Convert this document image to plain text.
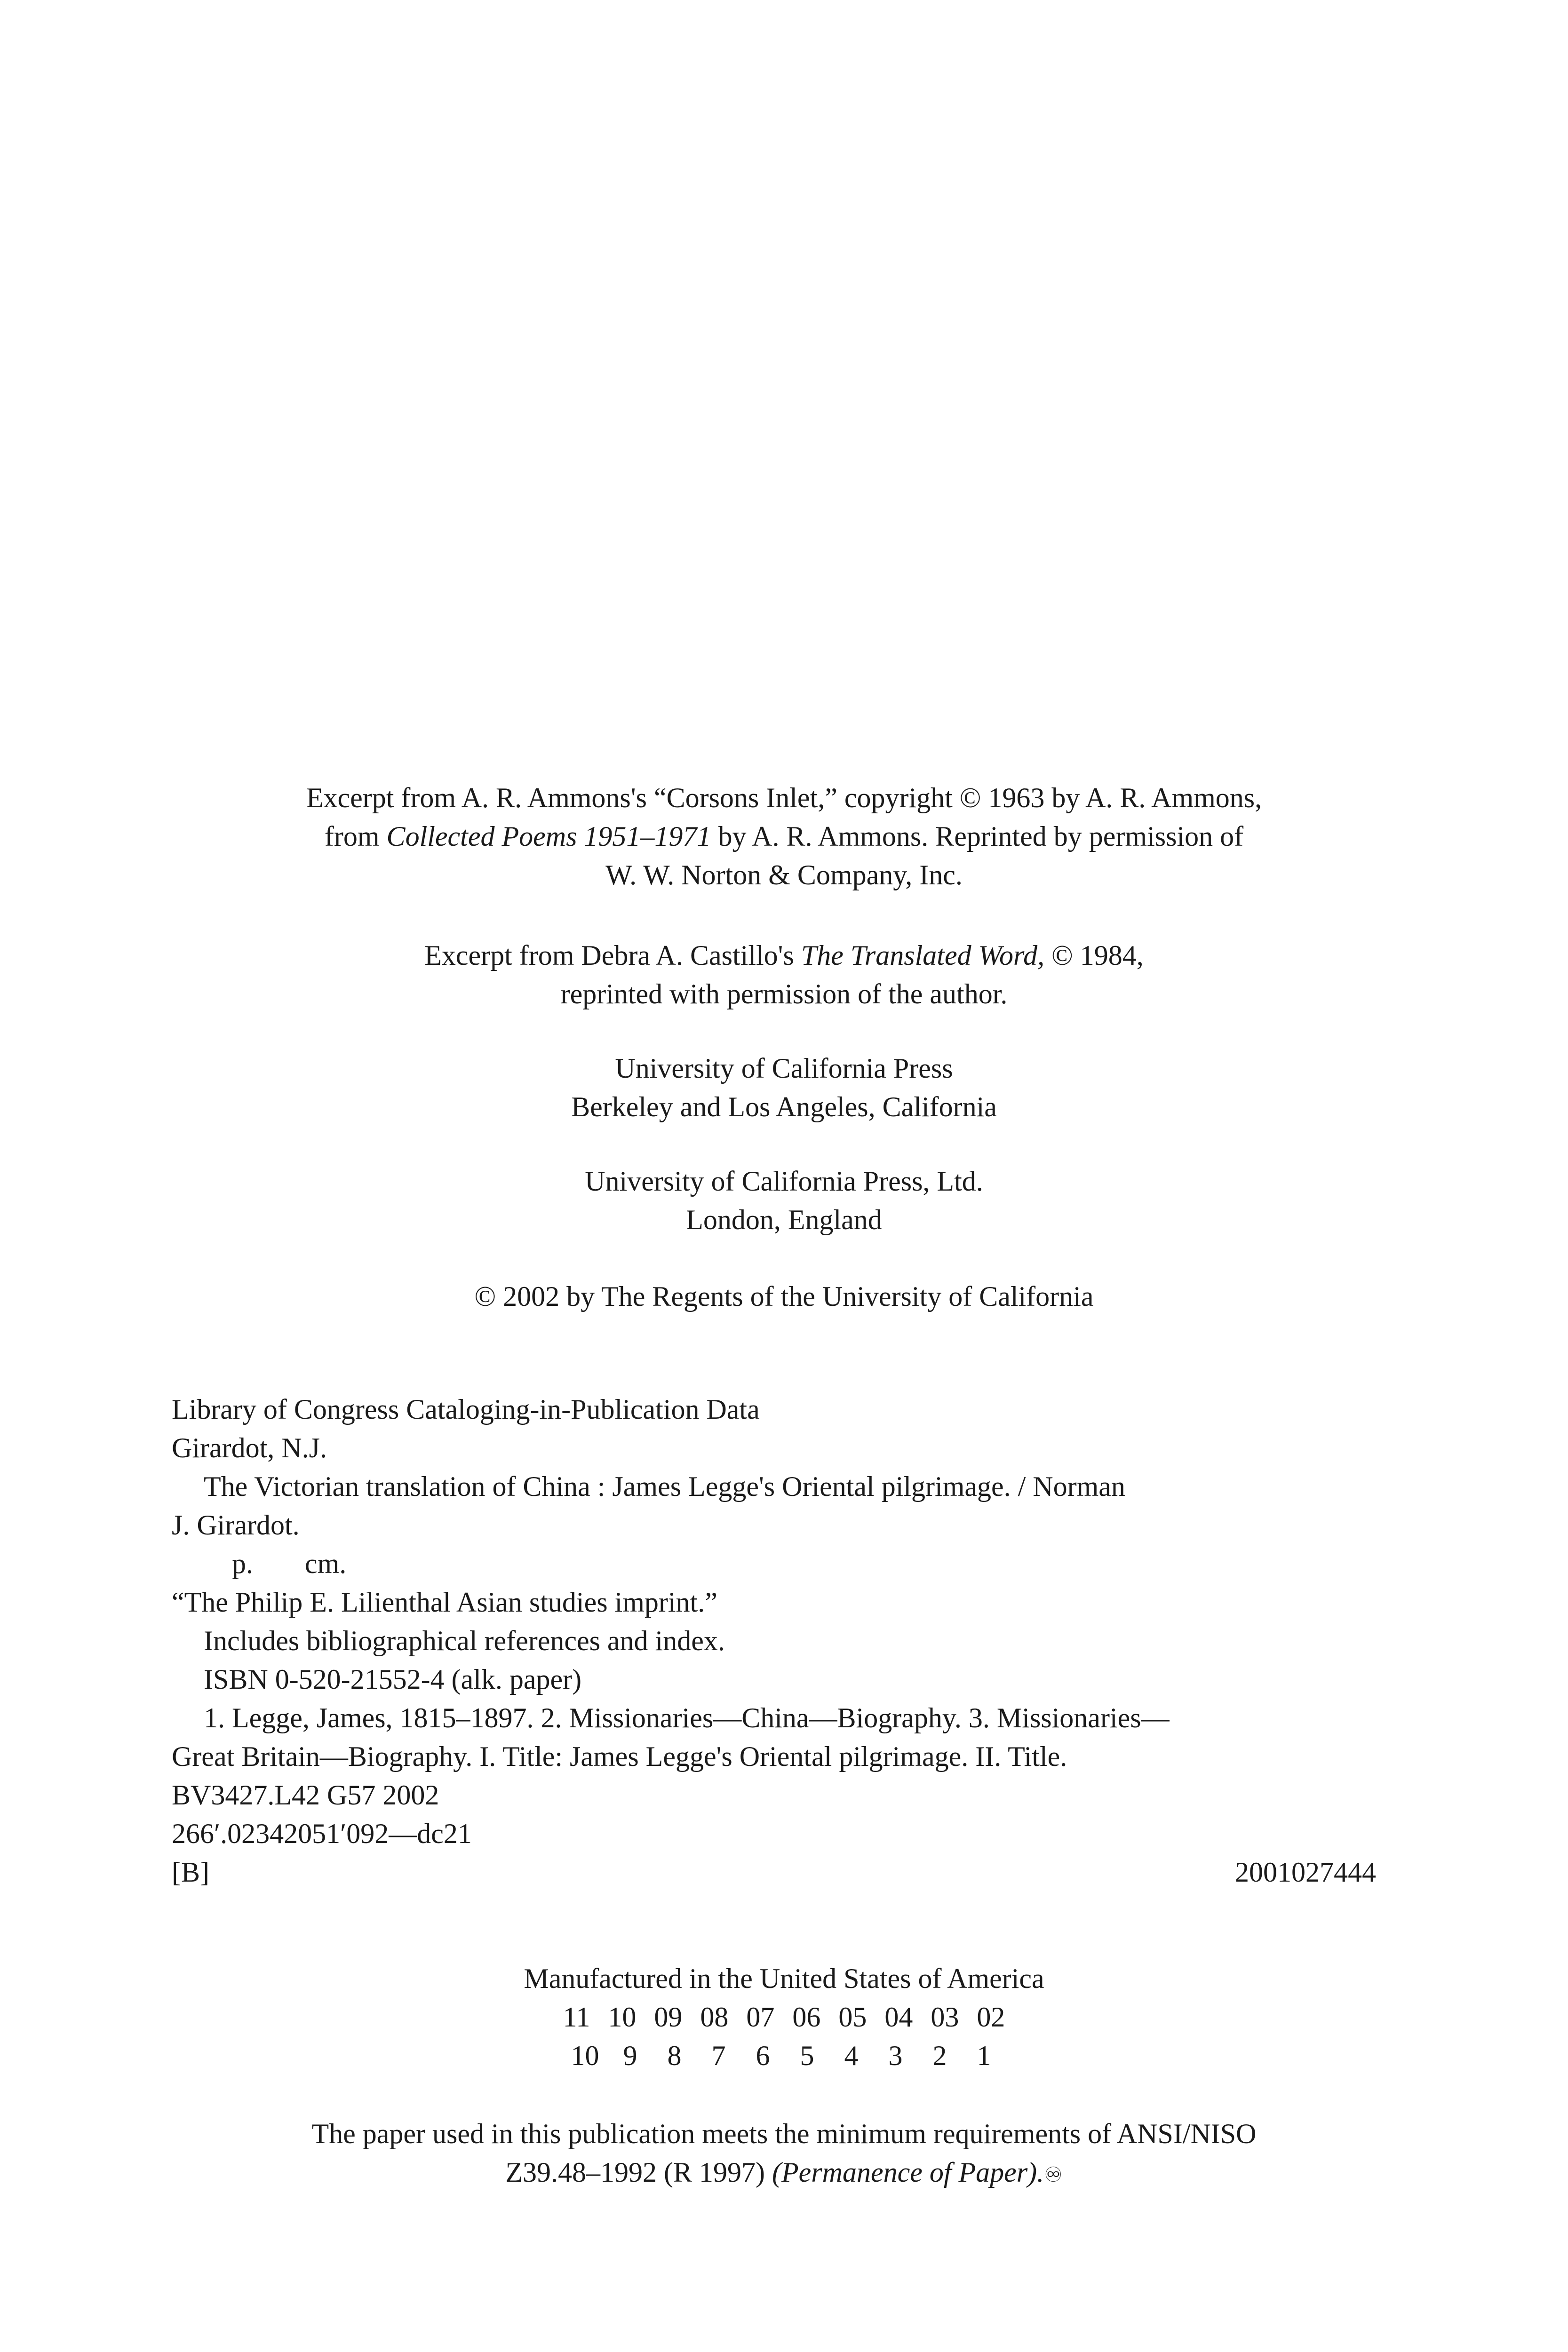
Excerpt from A. R. Ammons's “Corsons Inlet,” copyright © 1963 by A. R. Ammons,

from Collected Poems 1951–1971 by A. R. Ammons. Reprinted by permission of

W. W. Norton & Company, Inc.

Excerpt from Debra A. Castillo's The Translated Word, © 1984,

reprinted with permission of the author.

University of California Press

Berkeley and Los Angeles, California

University of California Press, Ltd.

London, England

© 2002 by The Regents of the University of California

Library of Congress Cataloging-in-Publication Data

Girardot, N.J.

The Victorian translation of China : James Legge's Oriental pilgrimage. / Norman

J. Girardot.

p. cm.

“The Philip E. Lilienthal Asian studies imprint.”

Includes bibliographical references and index.

ISBN 0-520-21552-4 (alk. paper)

1. Legge, James, 1815–1897. 2. Missionaries—China—Biography. 3. Missionaries—

Great Britain—Biography. I. Title: James Legge's Oriental pilgrimage. II. Title.

BV3427.L42 G57 2002

266′.02342051′092—dc21

[B]	2001027444

Manufactured in the United States of America

11 10 09 08 07 06 05 04 03 02
10 9 8 7 6 5 4 3 2 1

The paper used in this publication meets the minimum requirements of ANSI/NISO

Z39.48–1992 (R 1997) (Permanence of Paper).♾
